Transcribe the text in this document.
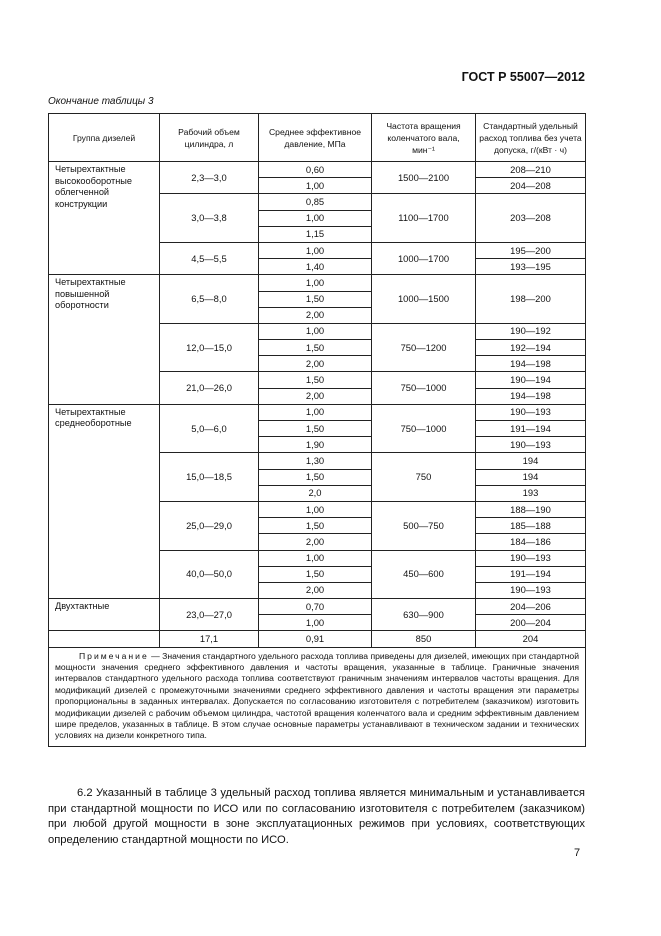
ГОСТ Р 55007—2012
Окончание таблицы 3
Группа дизелей	Рабочий объем цилиндра, л	Среднее эффективное давление, МПа	Частота вращения коленчатого вала, мин⁻¹	Стандартный удельный расход топлива без учета допуска, г/(кВт · ч)
Четырехтактные высокооборотные облегченной конструкции	2,3—3,0	0,60	1500—2100	208—210
		1,00		204—208
	3,0—3,8	0,85	1100—1700	203—208
		1,00		
		1,15		
	4,5—5,5	1,00	1000—1700	195—200
		1,40		193—195
Четырехтактные повышенной оборотности	6,5—8,0	1,00	1000—1500	198—200
		1,50		
		2,00		
	12,0—15,0	1,00	750—1200	190—192
		1,50		192—194
		2,00		194—198
	21,0—26,0	1,50	750—1000	190—194
		2,00		194—198
Четырехтактные среднеоборотные	5,0—6,0	1,00	750—1000	190—193
		1,50		191—194
		1,90		190—193
	15,0—18,5	1,30	750	194
		1,50		194
		2,0		193
	25,0—29,0	1,00	500—750	188—190
		1,50		185—188
		2,00		184—186
	40,0—50,0	1,00	450—600	190—193
		1,50		191—194
		2,00		190—193
Двухтактные	23,0—27,0	0,70	630—900	204—206
		1,00		200—204
	17,1	0,91	850	204
Примечание — Значения стандартного удельного расхода топлива приведены для дизелей, имеющих при стандартной мощности значения среднего эффективного давления и частоты вращения, указанные в таблице. Граничные значения интервалов стандартного удельного расхода топлива соответствуют граничным значениям интервалов частоты вращения. Для модификаций дизелей с промежуточными значениями среднего эффективного давления и частоты вращения эти параметры пропорциональны в заданных интервалах. Допускается по согласованию изготовителя с потребителем (заказчиком) изготовить модификации дизелей с рабочим объемом цилиндра, частотой вращения коленчатого вала и средним эффективным давлением шире пределов, указанных в таблице. В этом случае основные параметры устанавливают в техническом задании и технических условиях на дизели конкретного типа.				
6.2 Указанный в таблице 3 удельный расход топлива является минимальным и устанавливается при стандартной мощности по ИСО или по согласованию изготовителя с потребителем (заказчиком) при любой другой мощности в зоне эксплуатационных режимов при условиях, соответствующих определению стандартной мощности по ИСО.
7
